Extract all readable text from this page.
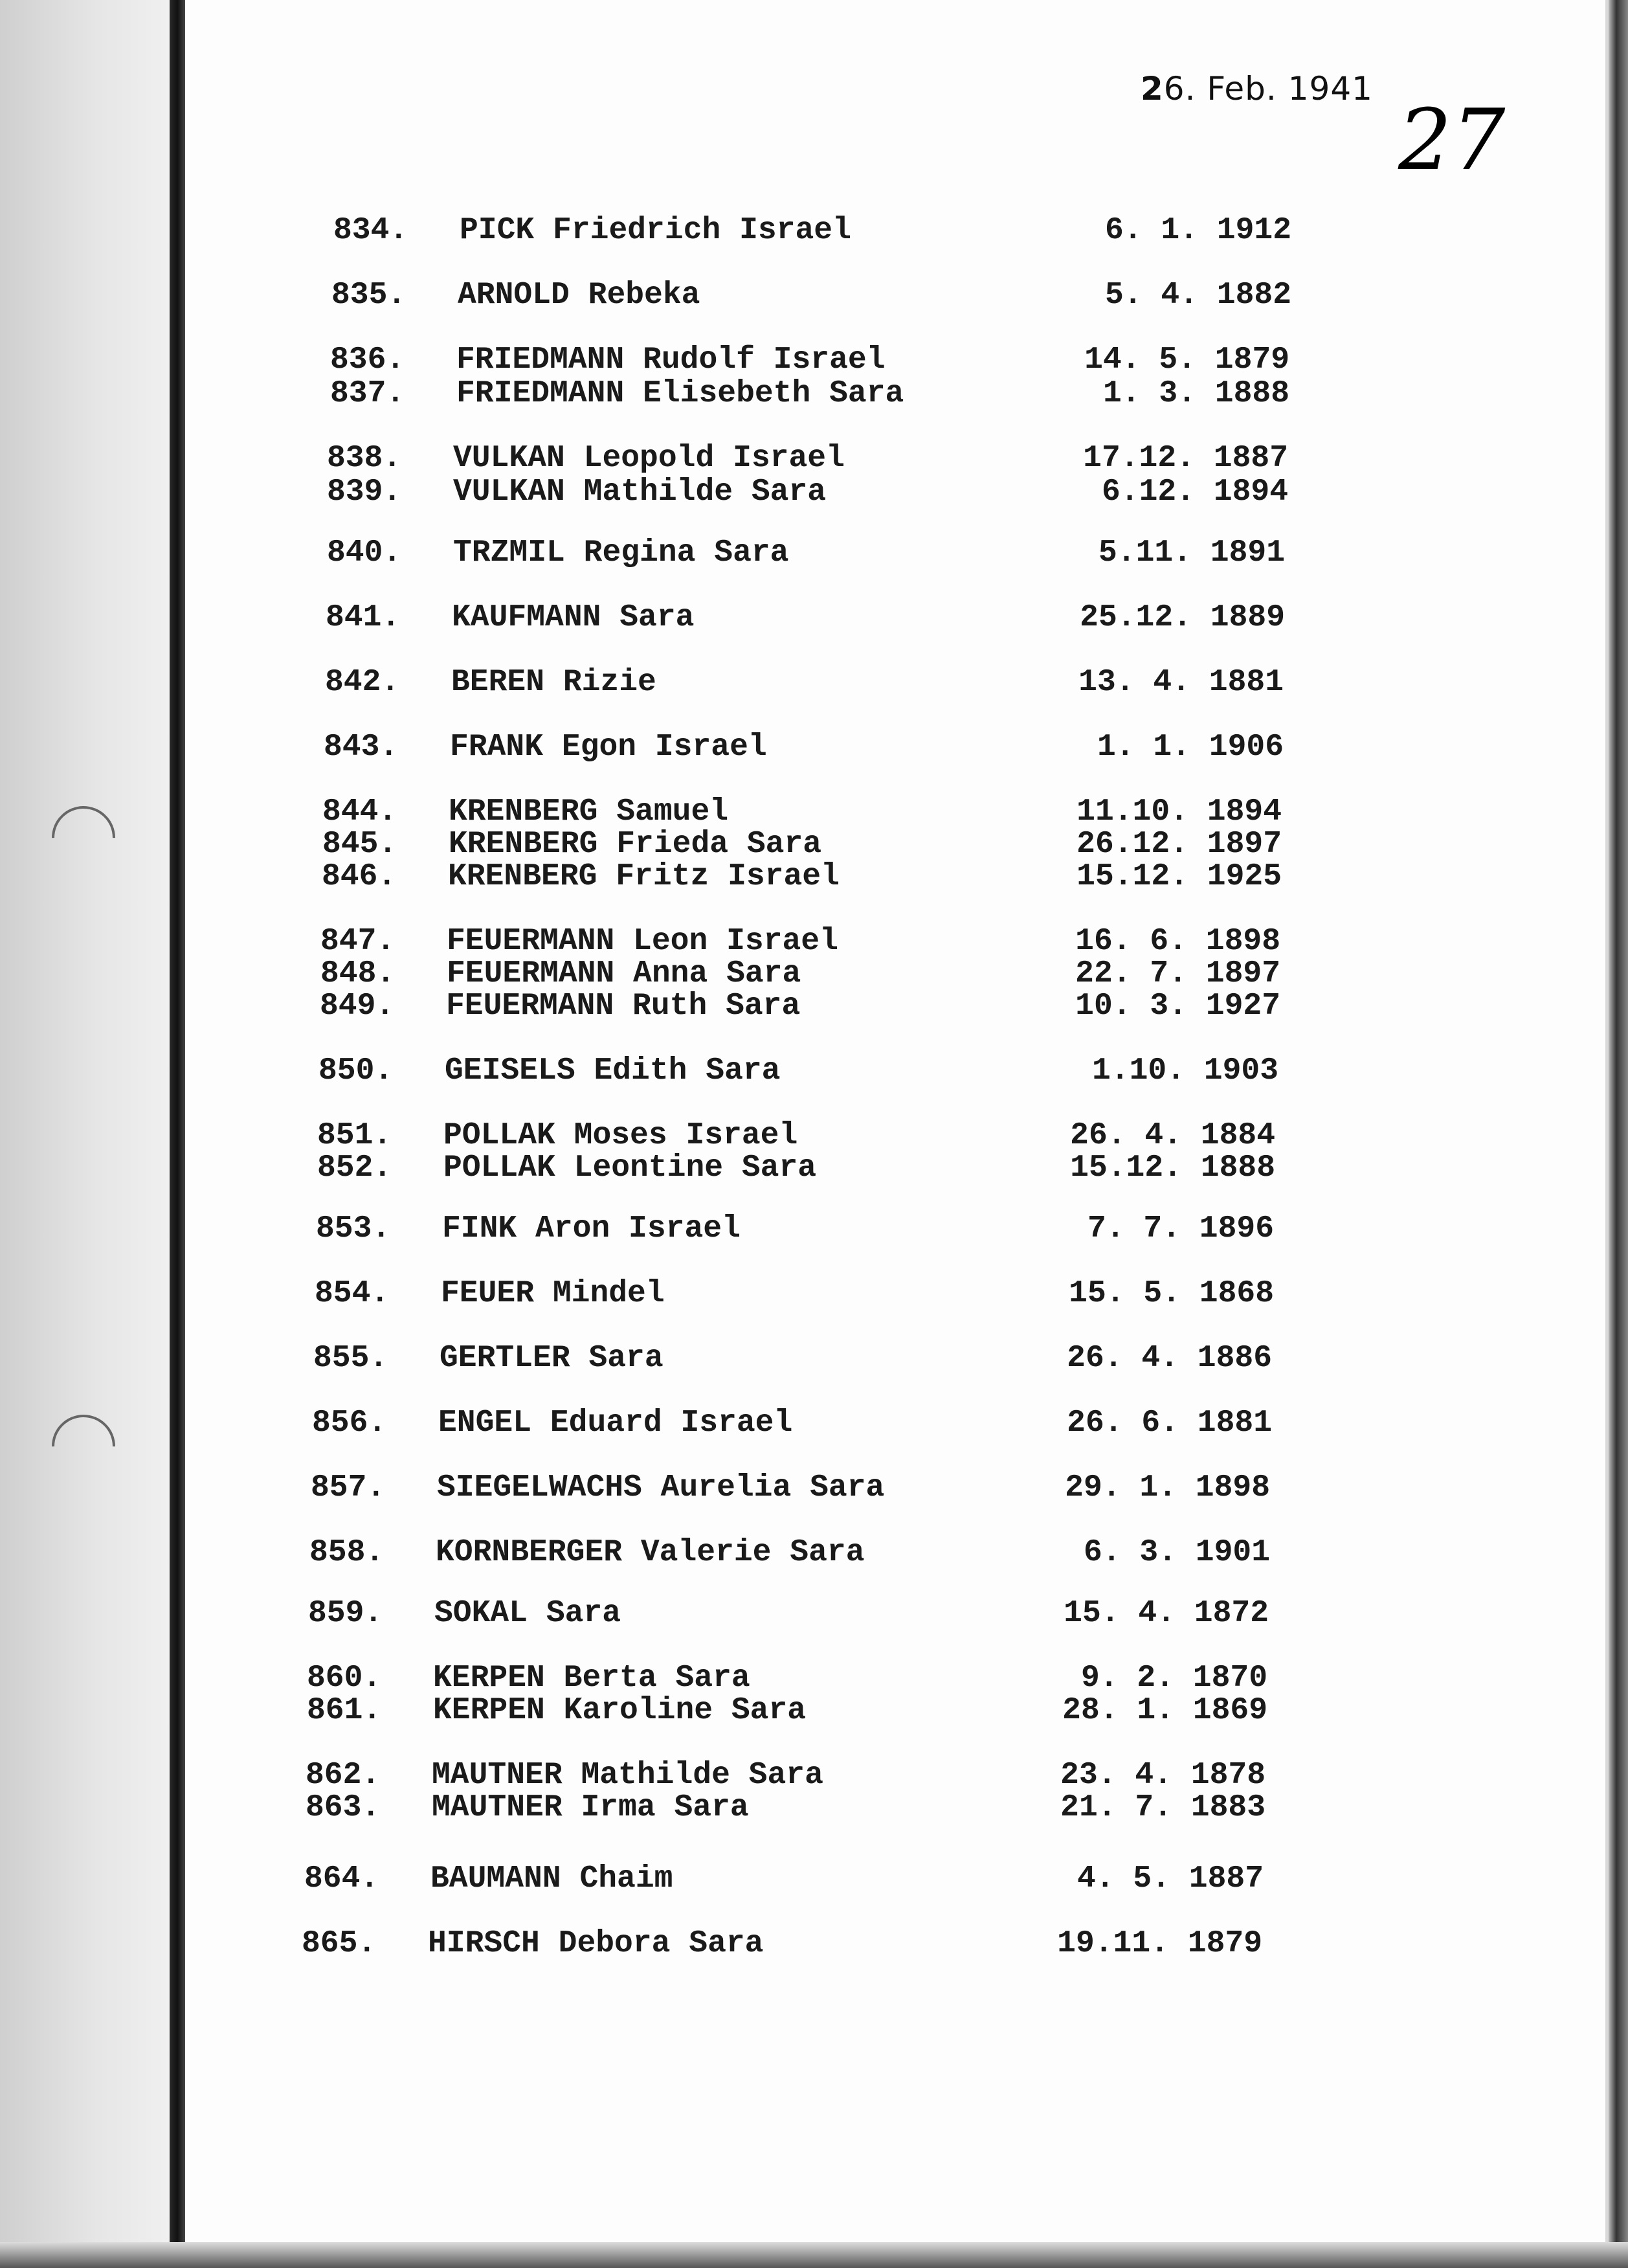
26. Feb. 1941
27
834. PICK Friedrich Israel	6. 1. 1912
835. ARNOLD Rebeka	5. 4. 1882
836. FRIEDMANN Rudolf Israel	14. 5. 1879
837. FRIEDMANN Elisebeth Sara	1. 3. 1888
838. VULKAN Leopold Israel	17.12. 1887
839. VULKAN Mathilde Sara	6.12. 1894
840. TRZMIL Regina Sara	5.11. 1891
841. KAUFMANN Sara	25.12. 1889
842. BEREN Rizie	13. 4. 1881
843. FRANK Egon Israel	1. 1. 1906
844. KRENBERG Samuel	11.10. 1894
845. KRENBERG Frieda Sara	26.12. 1897
846. KRENBERG Fritz Israel	15.12. 1925
847. FEUERMANN Leon Israel	16. 6. 1898
848. FEUERMANN Anna Sara	22. 7. 1897
849. FEUERMANN Ruth Sara	10. 3. 1927
850. GEISELS Edith Sara	1.10. 1903
851. POLLAK Moses Israel	26. 4. 1884
852. POLLAK Leontine Sara	15.12. 1888
853. FINK Aron Israel	7. 7. 1896
854. FEUER Mindel	15. 5. 1868
855. GERTLER Sara	26. 4. 1886
856. ENGEL Eduard Israel	26. 6. 1881
857. SIEGELWACHS Aurelia Sara	29. 1. 1898
858. KORNBERGER Valerie Sara	6. 3. 1901
859. SOKAL Sara	15. 4. 1872
860. KERPEN Berta Sara	9. 2. 1870
861. KERPEN Karoline Sara	28. 1. 1869
862. MAUTNER Mathilde Sara	23. 4. 1878
863. MAUTNER Irma Sara	21. 7. 1883
864. BAUMANN Chaim	4. 5. 1887
865. HIRSCH Debora Sara	19.11. 1879
